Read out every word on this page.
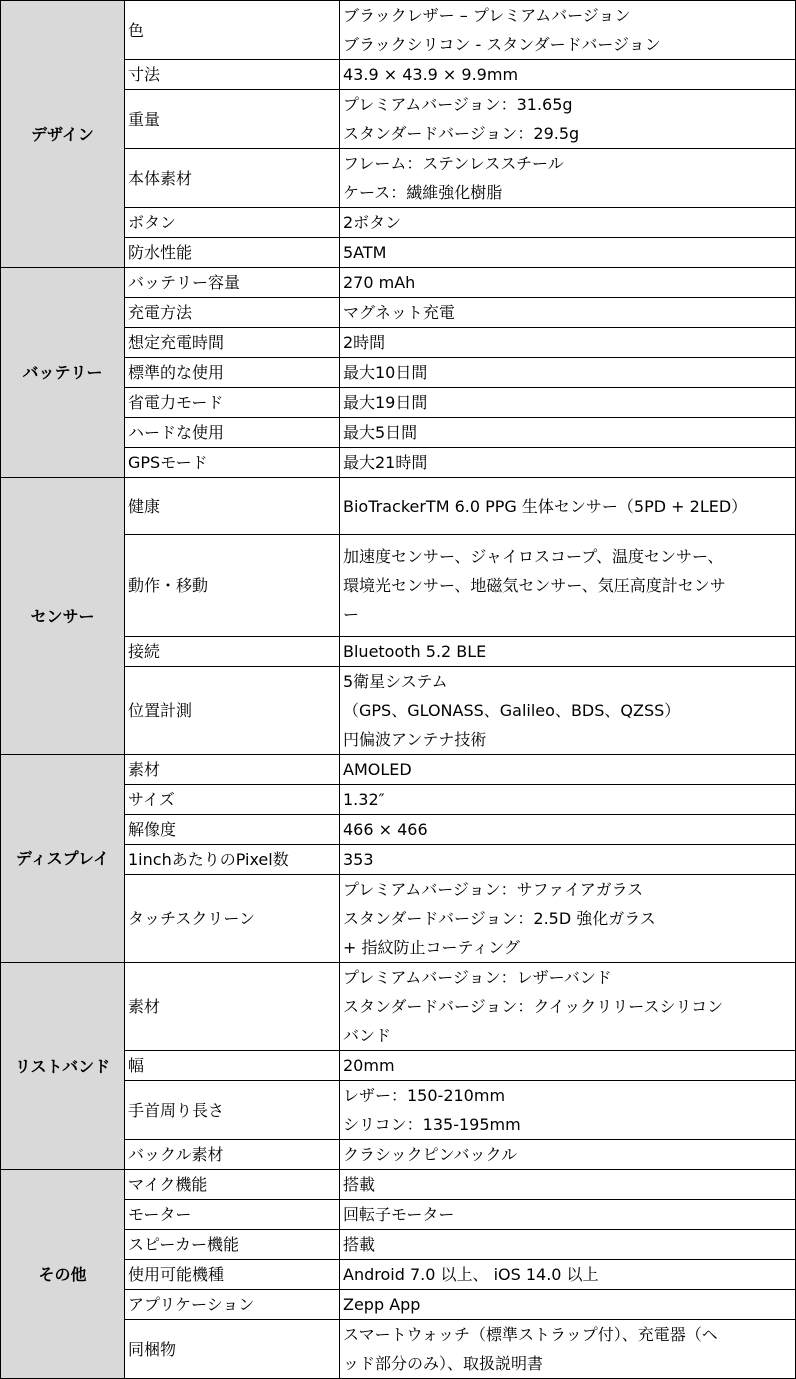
デザイン	色	ブラックレザー – プレミアムバージョン
ブラックシリコン - スタンダードバージョン

	寸法	43.9 × 43.9 × 9.9mm

	重量	プレミアムバージョン：31.65g
スタンダードバージョン：29.5g

	本体素材	フレーム：ステンレススチール
ケース：繊維強化樹脂

	ボタン	2ボタン

	防水性能	5ATM

バッテリー	バッテリー容量	270 mAh

	充電方法	マグネット充電

	想定充電時間	2時間

	標準的な使用	最大10日間

	省電力モード	最大19日間

	ハードな使用	最大5日間

	GPSモード	最大21時間

センサー	健康	BioTrackerTM 6.0 PPG 生体センサー（5PD + 2LED）

	動作・移動	加速度センサー、ジャイロスコープ、温度センサー、
環境光センサー、地磁気センサー、気圧高度計センサ
ー

	接続	Bluetooth 5.2 BLE

	位置計測	5衛星システム
（GPS、GLONASS、Galileo、BDS、QZSS）
円偏波アンテナ技術

ディスプレイ	素材	AMOLED

	サイズ	1.32″

	解像度	466 × 466

	1inchあたりのPixel数	353

	タッチスクリーン	プレミアムバージョン：サファイアガラス
スタンダードバージョン：2.5D 強化ガラス
+ 指紋防止コーティング

リストバンド	素材	プレミアムバージョン：レザーバンド
スタンダードバージョン：クイックリリースシリコン
バンド

	幅	20mm

	手首周り長さ	レザー：150-210mm
シリコン：135-195mm

	バックル素材	クラシックピンバックル

その他	マイク機能	搭載

	モーター	回転子モーター

	スピーカー機能	搭載

	使用可能機種	Android 7.0 以上、 iOS 14.0 以上

	アプリケーション	Zepp App

	同梱物	スマートウォッチ（標準ストラップ付）、充電器（ヘ
ッド部分のみ）、取扱説明書
